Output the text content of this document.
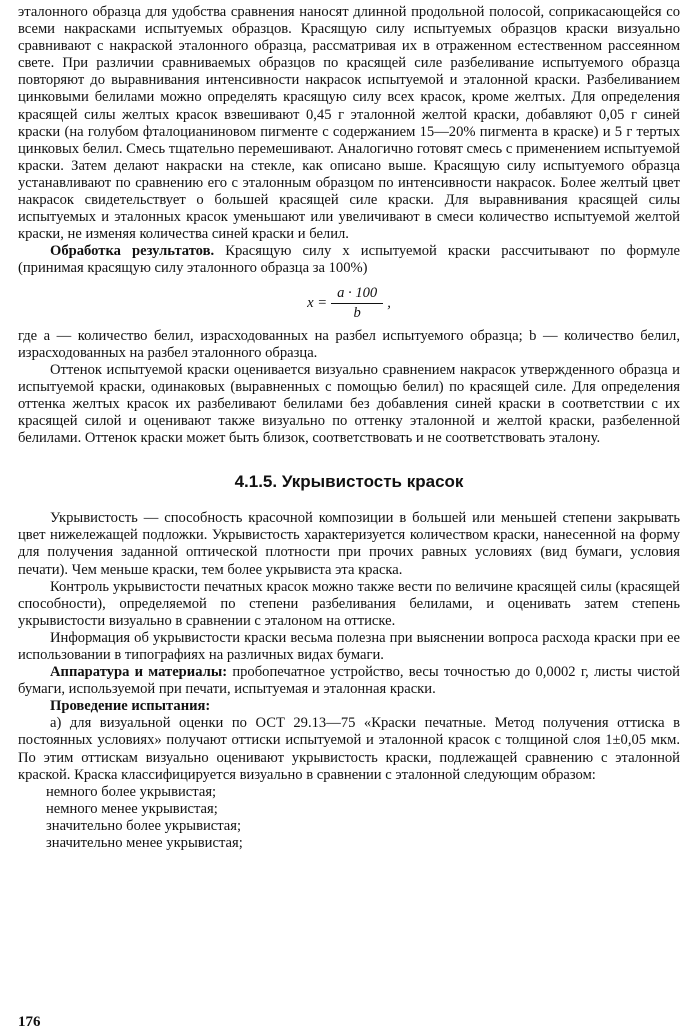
эталонного образца для удобства сравнения наносят длинной продольной полосой, соприкасающейся со всеми накрасками испытуемых образцов. Красящую силу испытуемых образцов краски визуально сравнивают с накраской эталонного образца, рассматривая их в отраженном естественном рассеянном свете. При различии сравниваемых образцов по красящей силе разбеливание испытуемого образца повторяют до выравнивания интенсивности накрасок испытуемой и эталонной краски. Разбеливанием цинковыми белилами можно определять красящую силу всех красок, кроме желтых. Для определения красящей силы желтых красок взвешивают 0,45 г эталонной желтой краски, добавляют 0,05 г синей краски (на голубом фталоцианиновом пигменте с содержанием 15—20% пигмента в краске) и 5 г тертых цинковых белил. Смесь тщательно перемешивают. Аналогично готовят смесь с применением испытуемой краски. Затем делают накраски на стекле, как описано выше. Красящую силу испытуемого образца устанавливают по сравнению его с эталонным образцом по интенсивности накрасок. Более желтый цвет накрасок свидетельствует о большей красящей силе краски. Для выравнивания красящей силы испытуемых и эталонных красок уменьшают или увеличивают в смеси количество испытуемой желтой краски, не изменяя количества синей краски и белил.

Обработка результатов. Красящую силу x испытуемой краски рассчитывают по формуле (принимая красящую силу эталонного образца за 100%)

$x = \frac{a \cdot 100}{b}$ ,

где a — количество белил, израсходованных на разбел испытуемого образца; b — количество белил, израсходованных на разбел эталонного образца.

Оттенок испытуемой краски оценивается визуально сравнением накрасок утвержденного образца и испытуемой краски, одинаковых (выравненных с помощью белил) по красящей силе. Для определения оттенка желтых красок их разбеливают белилами без добавления синей краски в соответствии с их красящей силой и оценивают также визуально по оттенку эталонной и желтой краски, разбеленной белилами. Оттенок краски может быть близок, соответствовать и не соответствовать эталону.

4.1.5. Укрывистость красок

Укрывистость — способность красочной композиции в большей или меньшей степени закрывать цвет нижележащей подложки. Укрывистость характеризуется количеством краски, нанесенной на форму для получения заданной оптической плотности при прочих равных условиях (вид бумаги, условия печати). Чем меньше краски, тем более укрывиста эта краска.

Контроль укрывистости печатных красок можно также вести по величине красящей силы (красящей способности), определяемой по степени разбеливания белилами, и оценивать затем степень укрывистости визуально в сравнении с эталоном на оттиске.

Информация об укрывистости краски весьма полезна при выяснении вопроса расхода краски при ее использовании в типографиях на различных видах бумаги.

Аппаратура и материалы: пробопечатное устройство, весы точностью до 0,0002 г, листы чистой бумаги, используемой при печати, испытуемая и эталонная краски.

Проведение испытания:

а) для визуальной оценки по ОСТ 29.13—75 «Краски печатные. Метод получения оттиска в постоянных условиях» получают оттиски испытуемой и эталонной красок с толщиной слоя 1±0,05 мкм. По этим оттискам визуально оценивают укрывистость краски, подлежащей сравнению с эталонной краской. Краска классифицируется визуально в сравнении с эталонной следующим образом:

немного более укрывистая;
немного менее укрывистая;
значительно более укрывистая;
значительно менее укрывистая;
176
